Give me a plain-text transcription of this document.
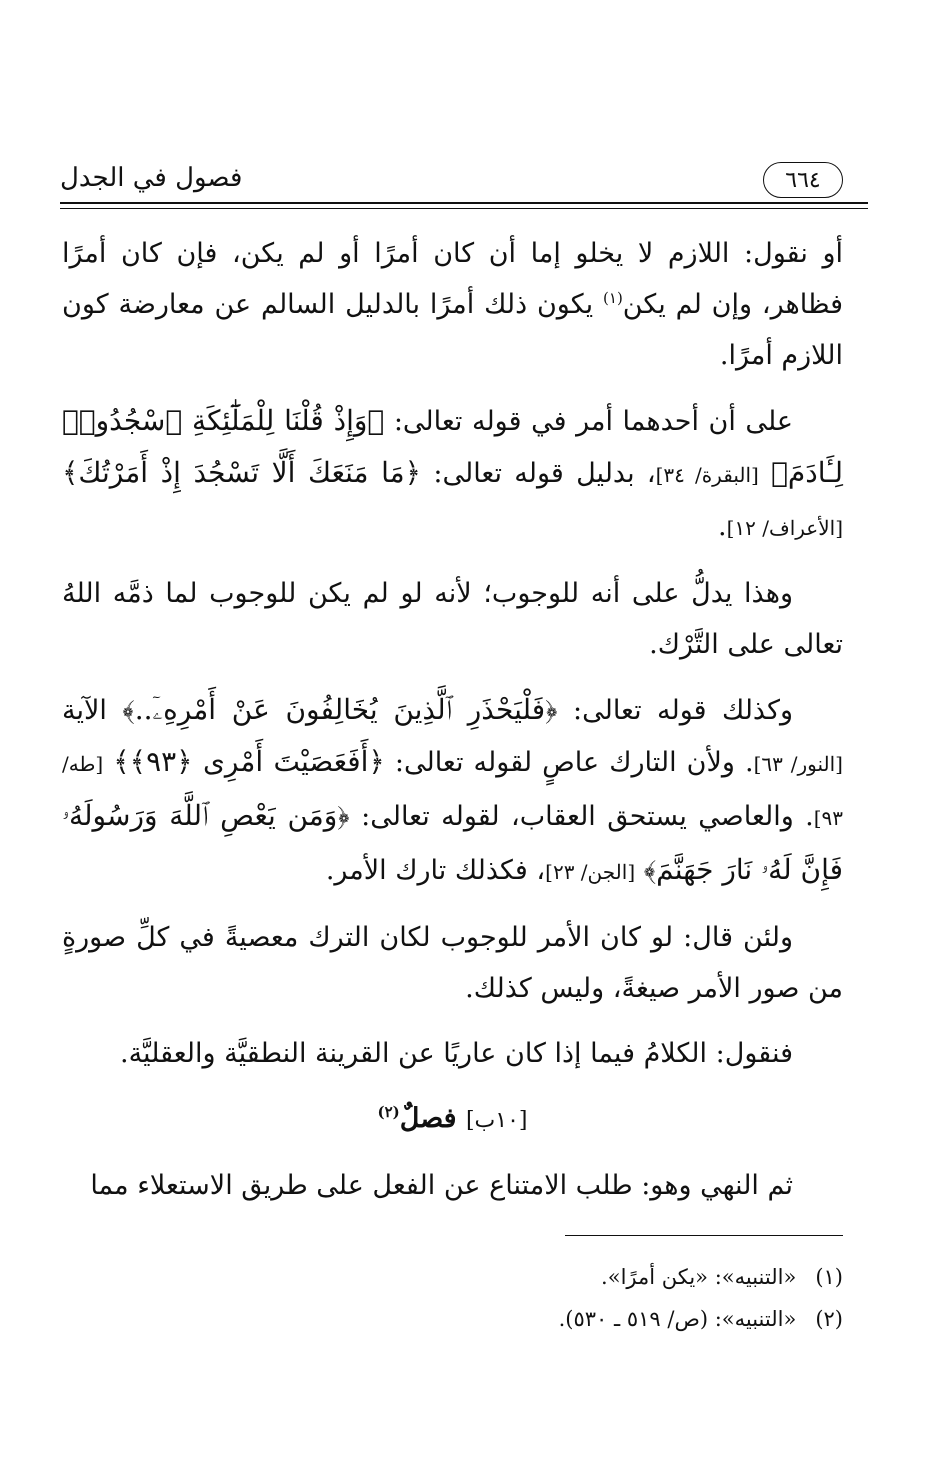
٦٦٤
فصول في الجدل

أو نقول: اللازم لا يخلو إما أن كان أمرًا أو لم يكن، فإن كان أمرًا فظاهر، وإن لم يكن$^{(١)}$ يكون ذلك أمرًا بالدليل السالم عن معارضة كون اللازم أمرًا.

على أن أحدهما أمر في قوله تعالى: ﴿وَإِذْ قُلْنَا لِلْمَلَٰٓئِكَةِ ٱسْجُدُوا۟ لِـَٔادَمَ﴾ [البقرة/ ٣٤]، بدليل قوله تعالى: ﴿مَا مَنَعَكَ أَلَّا تَسْجُدَ إِذْ أَمَرْتُكَ﴾ [الأعراف/ ١٢].

وهذا يدلُّ على أنه للوجوب؛ لأنه لو لم يكن للوجوب لما ذمَّه اللهُ تعالى على التَّرْك.

وكذلك قوله تعالى: ﴿فَلْيَحْذَرِ ٱلَّذِينَ يُخَالِفُونَ عَنْ أَمْرِهِۦٓ..﴾ الآية [النور/ ٦٣]. ولأن التارك عاصٍ لقوله تعالى: ﴿أَفَعَصَيْتَ أَمْرِى ﴿٩٣﴾﴾ [طه/ ٩٣]. والعاصي يستحق العقاب، لقوله تعالى: ﴿وَمَن يَعْصِ ٱللَّهَ وَرَسُولَهُۥ فَإِنَّ لَهُۥ نَارَ جَهَنَّمَ﴾ [الجن/ ٢٣]، فكذلك تارك الأمر.

ولئن قال: لو كان الأمر للوجوب لكان الترك معصيةً في كلِّ صورةٍ من صور الأمر صيغةً، وليس كذلك.

فنقول: الكلامُ فيما إذا كان عاريًا عن القرينة النطقيَّة والعقليَّة.

[١٠ب] فصلٌ$^{(٢)}$

ثم النهي وهو: طلب الامتناع عن الفعل على طريق الاستعلاء مما

(١) «التنبيه»: «يكن أمرًا».

(٢) «التنبيه»: (ص/ ٥١٩ ـ ٥٣٠).
